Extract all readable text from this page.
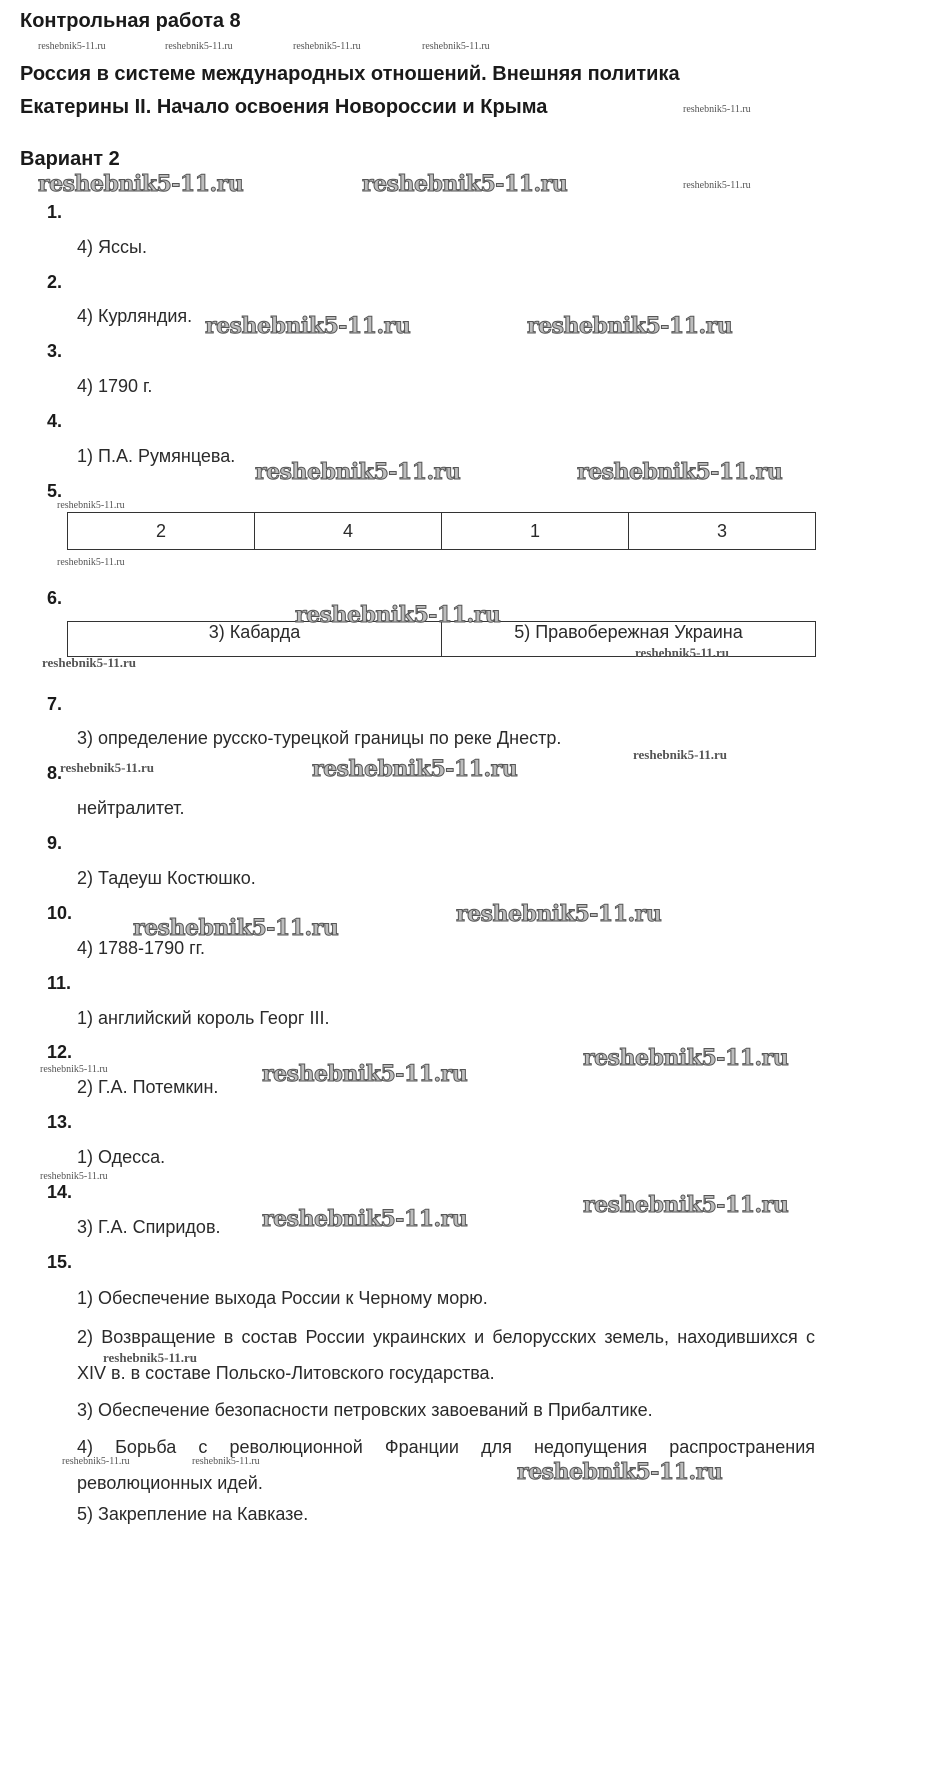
Контрольная работа 8
Россия в системе международных отношений. Внешняя политика
Екатерины II. Начало освоения Новороссии и Крыма
Вариант 2
1.
4) Яссы.
2.
4) Курляндия.
3.
4) 1790 г.
4.
1) П.А. Румянцева.
5.
2	4	1	3
6.
3) Кабарда	5) Правобережная Украина
7.
3) определение русско-турецкой границы по реке Днестр.
8.
нейтралитет.
9.
2) Тадеуш Костюшко.
10.
4) 1788-1790 гг.
11.
1) английский король Георг III.
12.
2) Г.А. Потемкин.
13.
1) Одесса.
14.
3) Г.А. Спиридов.
15.
1) Обеспечение выхода России к Черному морю.
2) Возвращение в состав России украинских и белорусских земель, находившихся с XIV в. в составе Польско-Литовского государства.
3) Обеспечение безопасности петровских завоеваний в Прибалтике.
4) Борьба с революционной Франции для недопущения распространения революционных идей.
5) Закрепление на Кавказе.
reshebnik5-11.ru	reshebnik5-11.ru	reshebnik5-11.ru	reshebnik5-11.ru
reshebnik5-11.ru
reshebnik5-11.ru
reshebnik5-11.ru
reshebnik5-11.ru
reshebnik5-11.ru
reshebnik5-11.ru
reshebnik5-11.ru
reshebnik5-11.ru
reshebnik5-11.ru
reshebnik5-11.ru
reshebnik5-11.ru
reshebnik5-11.ru	reshebnik5-11.ru
reshebnik5-11.ru	reshebnik5-11.ru
reshebnik5-11.ru	reshebnik5-11.ru
reshebnik5-11.ru	reshebnik5-11.ru
reshebnik5-11.ru
reshebnik5-11.ru
reshebnik5-11.ru
reshebnik5-11.ru
reshebnik5-11.ru
reshebnik5-11.ru
reshebnik5-11.ru
reshebnik5-11.ru
reshebnik5-11.ru
